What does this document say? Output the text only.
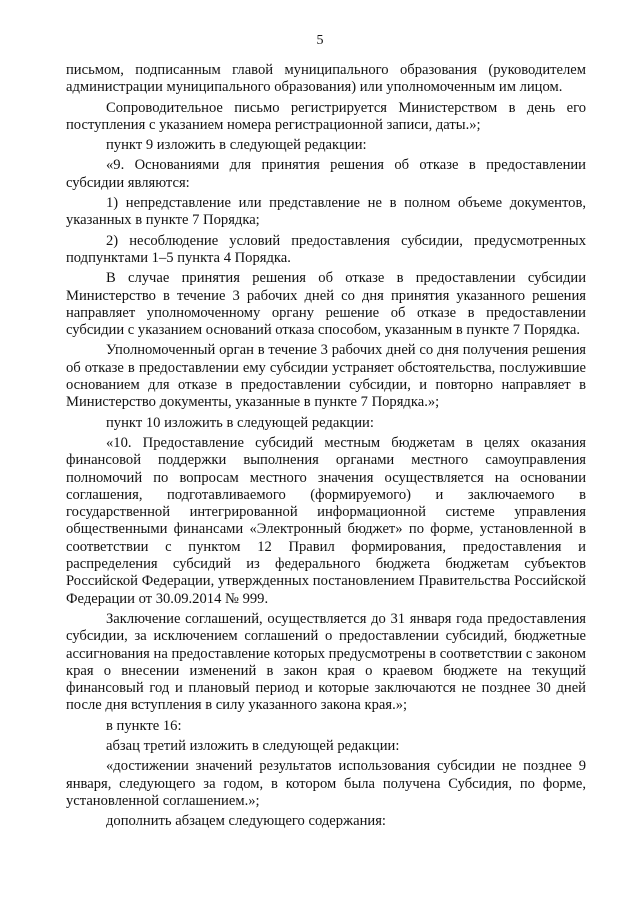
5

письмом, подписанным главой муниципального образования (руководителем администрации муниципального образования) или уполномоченным им лицом.

Сопроводительное письмо регистрируется Министерством в день его поступления с указанием номера регистрационной записи, даты.»;

пункт 9 изложить в следующей редакции:

«9. Основаниями для принятия решения об отказе в предоставлении субсидии являются:

1) непредставление или представление не в полном объеме документов, указанных в пункте 7 Порядка;

2) несоблюдение условий предоставления субсидии, предусмотренных подпунктами 1–5 пункта 4 Порядка.

В случае принятия решения об отказе в предоставлении субсидии Министерство в течение 3 рабочих дней со дня принятия указанного решения направляет уполномоченному органу решение об отказе в предоставлении субсидии с указанием оснований отказа способом, указанным в пункте 7 Порядка.

Уполномоченный орган в течение 3 рабочих дней со дня получения решения об отказе в предоставлении ему субсидии устраняет обстоятельства, послужившие основанием для отказе в предоставлении субсидии, и повторно направляет в Министерство документы, указанные в пункте 7 Порядка.»;

пункт 10 изложить в следующей редакции:

«10. Предоставление субсидий местным бюджетам в целях оказания финансовой поддержки выполнения органами местного самоуправления полномочий по вопросам местного значения осуществляется на основании соглашения, подготавливаемого (формируемого) и заключаемого в государственной интегрированной информационной системе управления общественными финансами «Электронный бюджет» по форме, установленной в соответствии с пунктом 12 Правил формирования, предоставления и распределения субсидий из федерального бюджета бюджетам субъектов Российской Федерации, утвержденных постановлением Правительства Российской Федерации от 30.09.2014 № 999.

Заключение соглашений, осуществляется до 31 января года предоставления субсидии, за исключением соглашений о предоставлении субсидий, бюджетные ассигнования на предоставление которых предусмотрены в соответствии с законом края о внесении изменений в закон края о краевом бюджете на текущий финансовый год и плановый период и которые заключаются не позднее 30 дней после дня вступления в силу указанного закона края.»;

в пункте 16:

абзац третий изложить в следующей редакции:

«достижении значений результатов использования субсидии не позднее 9 января, следующего за годом, в котором была получена Субсидия, по форме, установленной соглашением.»;

дополнить абзацем следующего содержания:
